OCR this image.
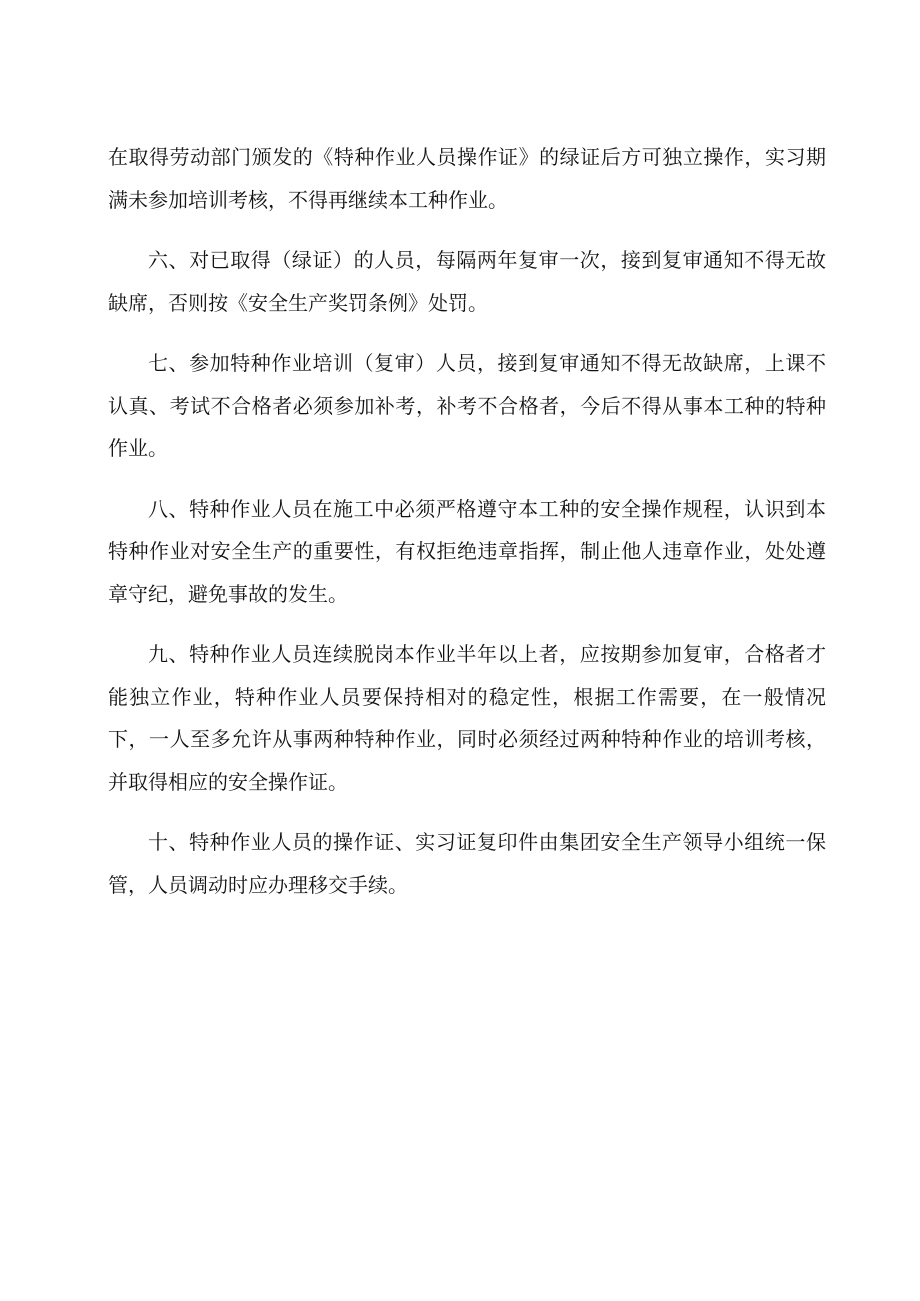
在取得劳动部门颁发的《特种作业人员操作证》的绿证后方可独立操作，实习期满未参加培训考核，不得再继续本工种作业。

六、对已取得（绿证）的人员，每隔两年复审一次，接到复审通知不得无故缺席，否则按《安全生产奖罚条例》处罚。

七、参加特种作业培训（复审）人员，接到复审通知不得无故缺席，上课不认真、考试不合格者必须参加补考，补考不合格者，今后不得从事本工种的特种作业。

八、特种作业人员在施工中必须严格遵守本工种的安全操作规程，认识到本特种作业对安全生产的重要性，有权拒绝违章指挥，制止他人违章作业，处处遵章守纪，避免事故的发生。

九、特种作业人员连续脱岗本作业半年以上者，应按期参加复审，合格者才能独立作业，特种作业人员要保持相对的稳定性，根据工作需要，在一般情况下，一人至多允许从事两种特种作业，同时必须经过两种特种作业的培训考核，并取得相应的安全操作证。

十、特种作业人员的操作证、实习证复印件由集团安全生产领导小组统一保管，人员调动时应办理移交手续。
